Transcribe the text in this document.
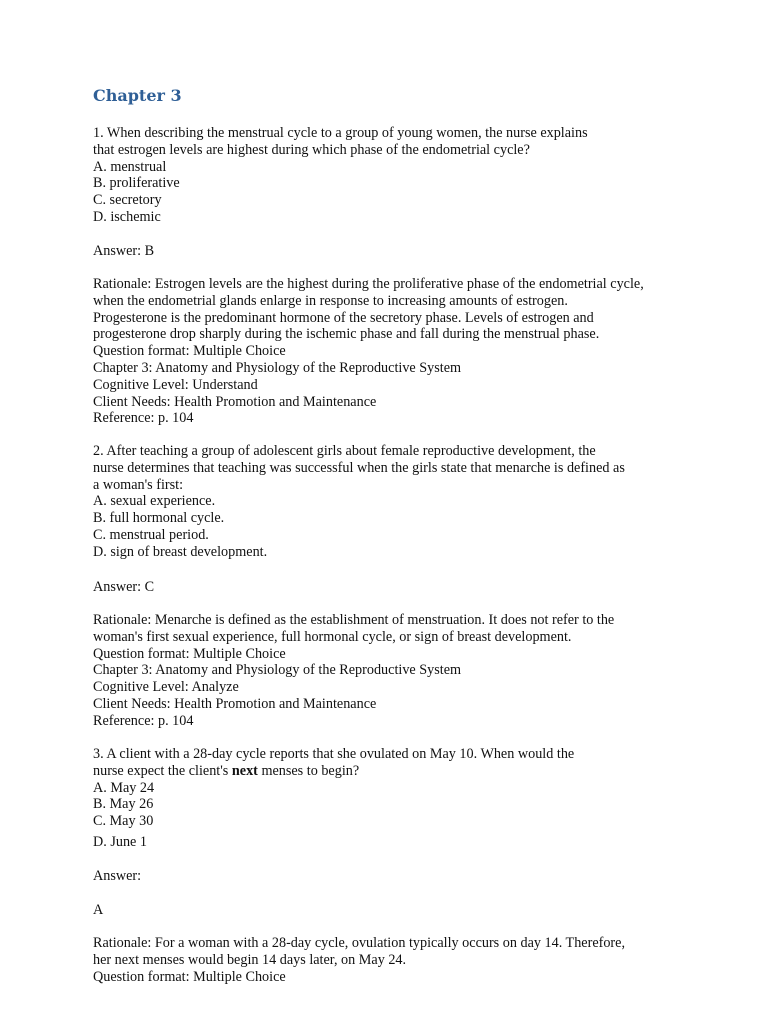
Chapter 3
1. When describing the menstrual cycle to a group of young women, the nurse explains
that estrogen levels are highest during which phase of the endometrial cycle?
A. menstrual
B. proliferative
C. secretory
D. ischemic
Answer: B
Rationale: Estrogen levels are the highest during the proliferative phase of the endometrial cycle,
when the endometrial glands enlarge in response to increasing amounts of estrogen.
Progesterone is the predominant hormone of the secretory phase. Levels of estrogen and
progesterone drop sharply during the ischemic phase and fall during the menstrual phase.
Question format: Multiple Choice
Chapter 3: Anatomy and Physiology of the Reproductive System
Cognitive Level: Understand
Client Needs: Health Promotion and Maintenance
Reference: p. 104
2. After teaching a group of adolescent girls about female reproductive development, the
nurse determines that teaching was successful when the girls state that menarche is defined as
a woman's first:
A. sexual experience.
B. full hormonal cycle.
C. menstrual period.
D. sign of breast development.
Answer: C
Rationale: Menarche is defined as the establishment of menstruation. It does not refer to the
woman's first sexual experience, full hormonal cycle, or sign of breast development.
Question format: Multiple Choice
Chapter 3: Anatomy and Physiology of the Reproductive System
Cognitive Level: Analyze
Client Needs: Health Promotion and Maintenance
Reference: p. 104
3. A client with a 28-day cycle reports that she ovulated on May 10. When would the
nurse expect the client's next menses to begin?
A. May 24
B. May 26
C. May 30
D. June 1
Answer:
A
Rationale: For a woman with a 28-day cycle, ovulation typically occurs on day 14. Therefore,
her next menses would begin 14 days later, on May 24.
Question format: Multiple Choice
